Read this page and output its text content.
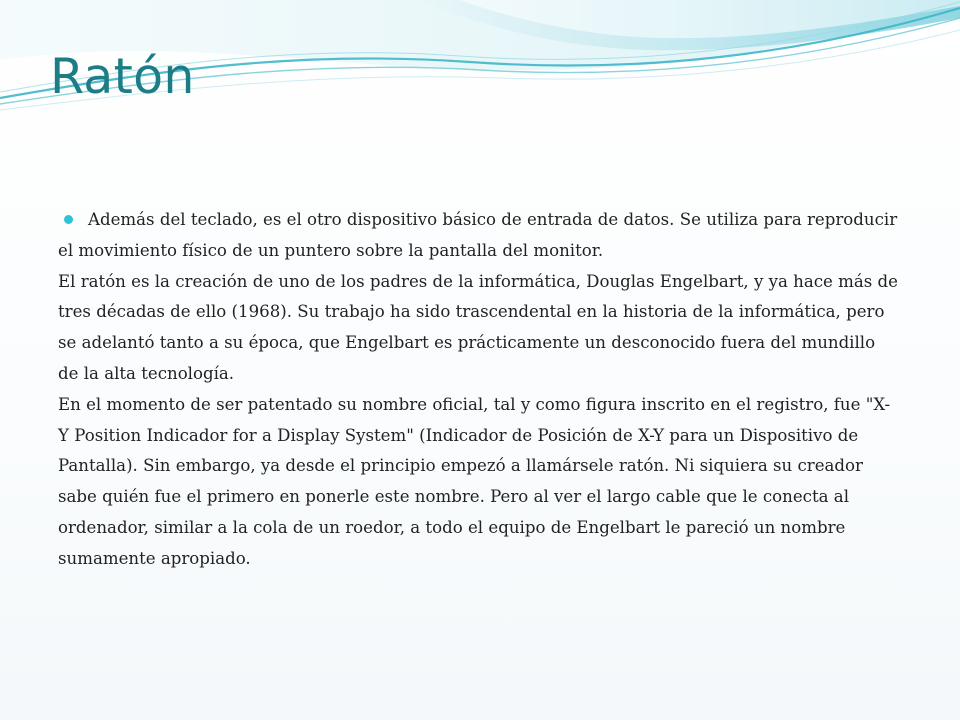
Ratón

Además del teclado, es el otro dispositivo básico de entrada de datos. Se utiliza para reproducir el movimiento físico de un puntero sobre la pantalla del monitor.

El ratón es la creación de uno de los padres de la informática, Douglas Engelbart, y ya hace más de tres décadas de ello (1968). Su trabajo ha sido trascendental en la historia de la informática, pero se adelantó tanto a su época, que Engelbart es prácticamente un desconocido fuera del mundillo de la alta tecnología.

En el momento de ser patentado su nombre oficial, tal y como figura inscrito en el registro, fue "X-Y Position Indicador for a Display System" (Indicador de Posición de X-Y para un Dispositivo de Pantalla). Sin embargo, ya desde el principio empezó a llamársele ratón. Ni siquiera su creador sabe quién fue el primero en ponerle este nombre. Pero al ver el largo cable que le conecta al ordenador, similar a la cola de un roedor, a todo el equipo de Engelbart le pareció un nombre sumamente apropiado.
